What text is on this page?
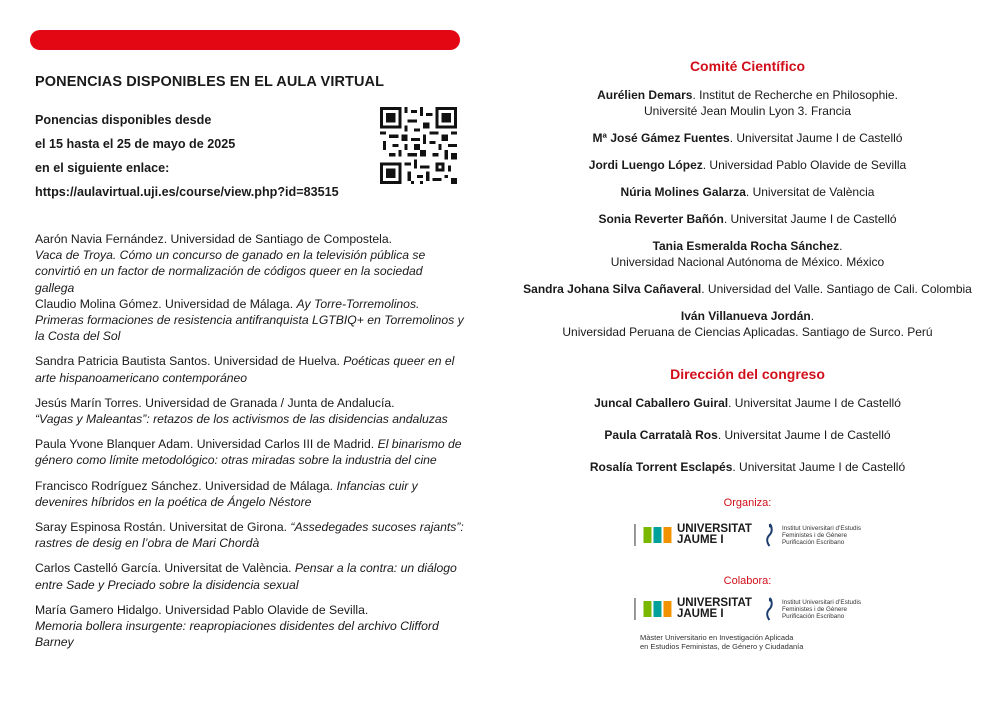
PONENCIAS DISPONIBLES EN EL AULA VIRTUAL
Ponencias disponibles desde
el 15 hasta el 25 de mayo de 2025
en el siguiente enlace:
https://aulavirtual.uji.es/course/view.php?id=83515
Aarón Navia Fernández. Universidad de Santiago de Compostela.
Vaca de Troya. Cómo un concurso de ganado en la televisión pública se convirtió en un factor de normalización de códigos queer en la sociedad gallega
Claudio Molina Gómez. Universidad de Málaga. Ay Torre-Torremolinos. Primeras formaciones de resistencia antifranquista LGTBIQ+ en Torremolinos y la Costa del Sol
Sandra Patricia Bautista Santos. Universidad de Huelva. Poéticas queer en el arte hispanoamericano contemporáneo
Jesús Marín Torres. Universidad de Granada / Junta de Andalucía.
“Vagas y Maleantas”: retazos de los activismos de las disidencias andaluzas
Paula Yvone Blanquer Adam. Universidad Carlos III de Madrid. El binarismo de género como límite metodológico: otras miradas sobre la industria del cine
Francisco Rodríguez Sánchez. Universidad de Málaga. Infancias cuir y devenires híbridos en la poética de Ángelo Néstore
Saray Espinosa Rostán. Universitat de Girona. “Assedegades sucoses rajants”: rastres de desig en l’obra de Mari Chordà
Carlos Castelló García. Universitat de València. Pensar a la contra: un diálogo entre Sade y Preciado sobre la disidencia sexual
María Gamero Hidalgo. Universidad Pablo Olavide de Sevilla.
Memoria bollera insurgente: reapropiaciones disidentes del archivo Clifford Barney
Comité Científico
Aurélien Demars. Institut de Recherche en Philosophie.
Université Jean Moulin Lyon 3. Francia
Mª José Gámez Fuentes. Universitat Jaume I de Castelló
Jordi Luengo López. Universidad Pablo Olavide de Sevilla
Núria Molines Galarza. Universitat de València
Sonia Reverter Bañón. Universitat Jaume I de Castelló
Tania Esmeralda Rocha Sánchez.
Universidad Nacional Autónoma de México. México
Sandra Johana Silva Cañaveral. Universidad del Valle. Santiago de Cali. Colombia
Iván Villanueva Jordán.
Universidad Peruana de Ciencias Aplicadas. Santiago de Surco. Perú
Dirección del congreso
Juncal Caballero Guiral. Universitat Jaume I de Castelló
Paula Carratalà Ros. Universitat Jaume I de Castelló
Rosalía Torrent Esclapés. Universitat Jaume I de Castelló
Organiza:
UNIVERSITAT
JAUME I
Institut Universitari d’Estudis
Feministes i de Gènere
Purificación Escribano
Colabora:
UNIVERSITAT
JAUME I
Institut Universitari d’Estudis
Feministes i de Gènere
Purificación Escribano
Màster Universitario en Investigación Aplicada
en Estudios Feministas, de Género y Ciudadanía
